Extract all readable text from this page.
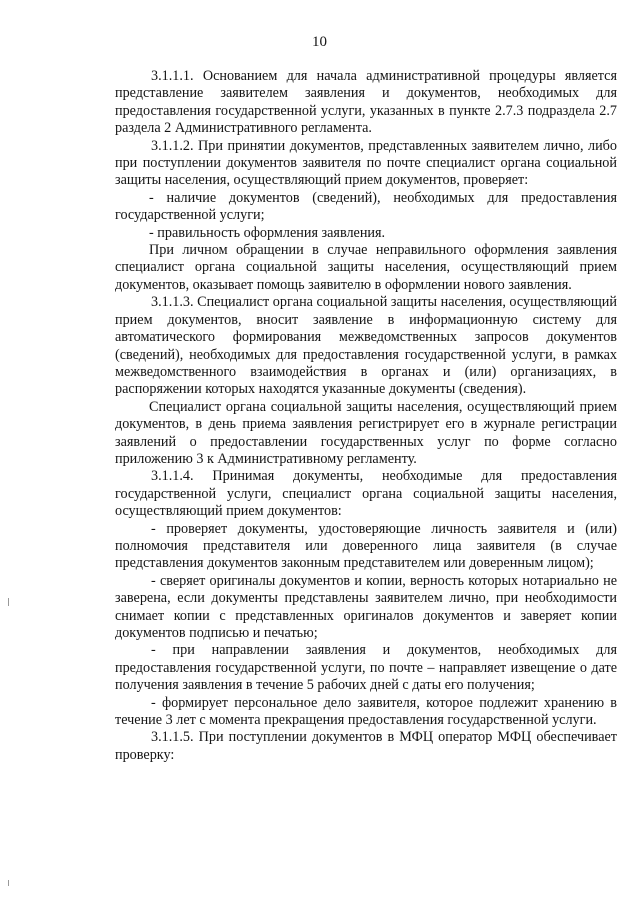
10

3.1.1.1. Основанием для начала административной процедуры является представление заявителем заявления и документов, необходимых для предоставления государственной услуги, указанных в пункте 2.7.3 подраздела 2.7 раздела 2 Административного регламента.

3.1.1.2. При принятии документов, представленных заявителем лично, либо при поступлении документов заявителя по почте специалист органа социальной защиты населения, осуществляющий прием документов, проверяет:

- наличие документов (сведений), необходимых для предоставления государственной услуги;

- правильность оформления заявления.

При личном обращении в случае неправильного оформления заявления специалист органа социальной защиты населения, осуществляющий прием документов, оказывает помощь заявителю в оформлении нового заявления.

3.1.1.3. Специалист органа социальной защиты населения, осуществляющий прием документов, вносит заявление в информационную систему для автоматического формирования межведомственных запросов документов (сведений), необходимых для предоставления государственной услуги, в рамках межведомственного взаимодействия в органах и (или) организациях, в распоряжении которых находятся указанные документы (сведения).

Специалист органа социальной защиты населения, осуществляющий прием документов, в день приема заявления регистрирует его в журнале регистрации заявлений о предоставлении государственных услуг по форме согласно приложению 3 к Административному регламенту.

3.1.1.4. Принимая документы, необходимые для предоставления государственной услуги, специалист органа социальной защиты населения, осуществляющий прием документов:

- проверяет документы, удостоверяющие личность заявителя и (или) полномочия представителя или доверенного лица заявителя (в случае представления документов законным представителем или доверенным лицом);

- сверяет оригиналы документов и копии, верность которых нотариально не заверена, если документы представлены заявителем лично, при необходимости снимает копии с представленных оригиналов документов и заверяет копии документов подписью и печатью;

- при направлении заявления и документов, необходимых для предоставления государственной услуги, по почте – направляет извещение о дате получения заявления в течение 5 рабочих дней с даты его получения;

- формирует персональное дело заявителя, которое подлежит хранению в течение 3 лет с момента прекращения предоставления государственной услуги.

3.1.1.5. При поступлении документов в МФЦ оператор МФЦ обеспечивает проверку:
